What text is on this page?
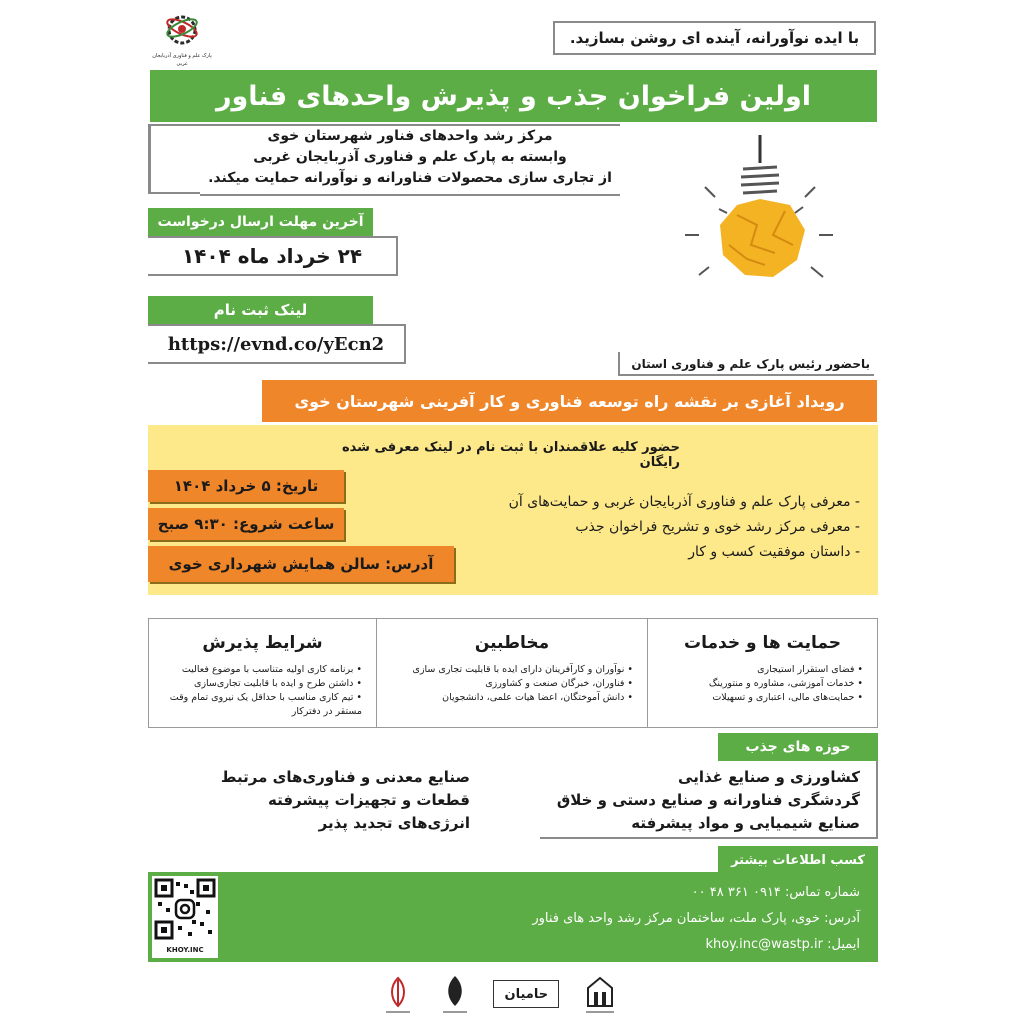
پارک علم و فناوری آذربایجان غربی
با ایده نوآورانه، آینده ای روشن بسازید.
اولین فراخوان جذب و پذیرش واحدهای فناور
مرکز رشد واحدهای فناور شهرستان خوی
وابسته به پارک علم و فناوری آذربایجان غربی
از تجاری سازی محصولات فناورانه و نوآورانه حمایت میکند.
آخرین مهلت ارسال درخواست
۲۴ خرداد ماه ۱۴۰۴
لینک ثبت نام
https://evnd.co/yEcn2
باحضور رئیس پارک علم و فناوری استان
رویداد آغازی بر نقشه راه توسعه فناوری و کار آفرینی شهرستان خوی
حضور کلیه علاقمندان با ثبت نام در لینک معرفی شده رایگان
تاریخ: ۵ خرداد ۱۴۰۴
ساعت شروع: ۹:۳۰ صبح
آدرس: سالن همایش شهرداری خوی
- معرفی پارک علم و فناوری آذربایجان غربی و حمایت‌های آن
- معرفی مرکز رشد خوی و تشریح فراخوان جذب
- داستان موفقیت کسب و کار
شرایط پذیرش

• برنامه کاری اولیه متناسب با موضوع فعالیت

• داشتن طرح و ایده با قابلیت تجاری‌سازی

• تیم کاری مناسب با حداقل یک نیروی تمام وقت مستقر در دفترکار

مخاطبین

• نوآوران و کارآفرینان دارای ایده با قابلیت تجاری سازی

• فناوران، خبرگان صنعت و کشاورزی

• دانش آموختگان، اعضا هیات علمی، دانشجویان

حمایت ها و خدمات

• فضای استقرار استیجاری

• خدمات آموزشی، مشاوره و منتورینگ

• حمایت‌های مالی، اعتباری و تسهیلات

حوزه های جذب
کشاورزی و صنایع غذایی
گردشگری فناورانه و صنایع دستی و خلاق
صنایع شیمیایی و مواد پیشرفته
صنایع معدنی و فناوری‌های مرتبط
قطعات و تجهیزات پیشرفته
انرژی‌های تجدید پذیر
کسب اطلاعات بیشتر
KHOY.INC
شماره تماس: ۰۹۱۴ ۳۶۱ ۴۸ ۰۰
آدرس: خوی، پارک ملت، ساختمان مرکز رشد واحد های فناور
ایمیل: khoy.inc@wastp.ir
حامیان
